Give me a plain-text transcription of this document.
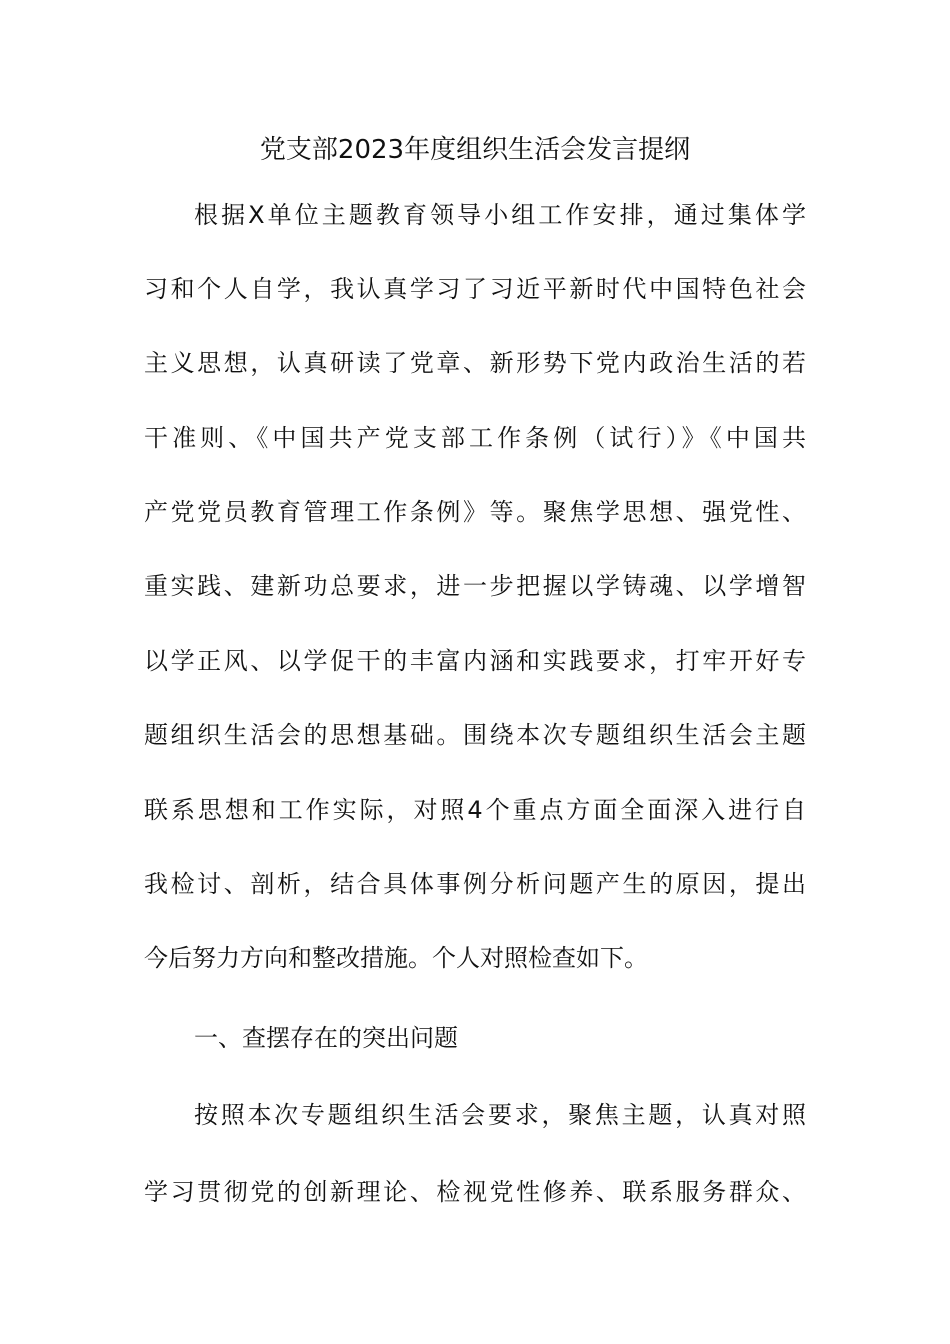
党支部2023年度组织生活会发言提纲
根据X单位主题教育领导小组工作安排，通过集体学
习和个人自学，我认真学习了习近平新时代中国特色社会
主义思想，认真研读了党章、新形势下党内政治生活的若
干准则、《中国共产党支部工作条例（试行）》《中国共
产党党员教育管理工作条例》等。聚焦学思想、强党性、
重实践、建新功总要求，进一步把握以学铸魂、以学增智
以学正风、以学促干的丰富内涵和实践要求，打牢开好专
题组织生活会的思想基础。围绕本次专题组织生活会主题
联系思想和工作实际，对照4个重点方面全面深入进行自
我检讨、剖析，结合具体事例分析问题产生的原因，提出
今后努力方向和整改措施。个人对照检查如下。
一、查摆存在的突出问题
按照本次专题组织生活会要求，聚焦主题，认真对照
学习贯彻党的创新理论、检视党性修养、联系服务群众、
